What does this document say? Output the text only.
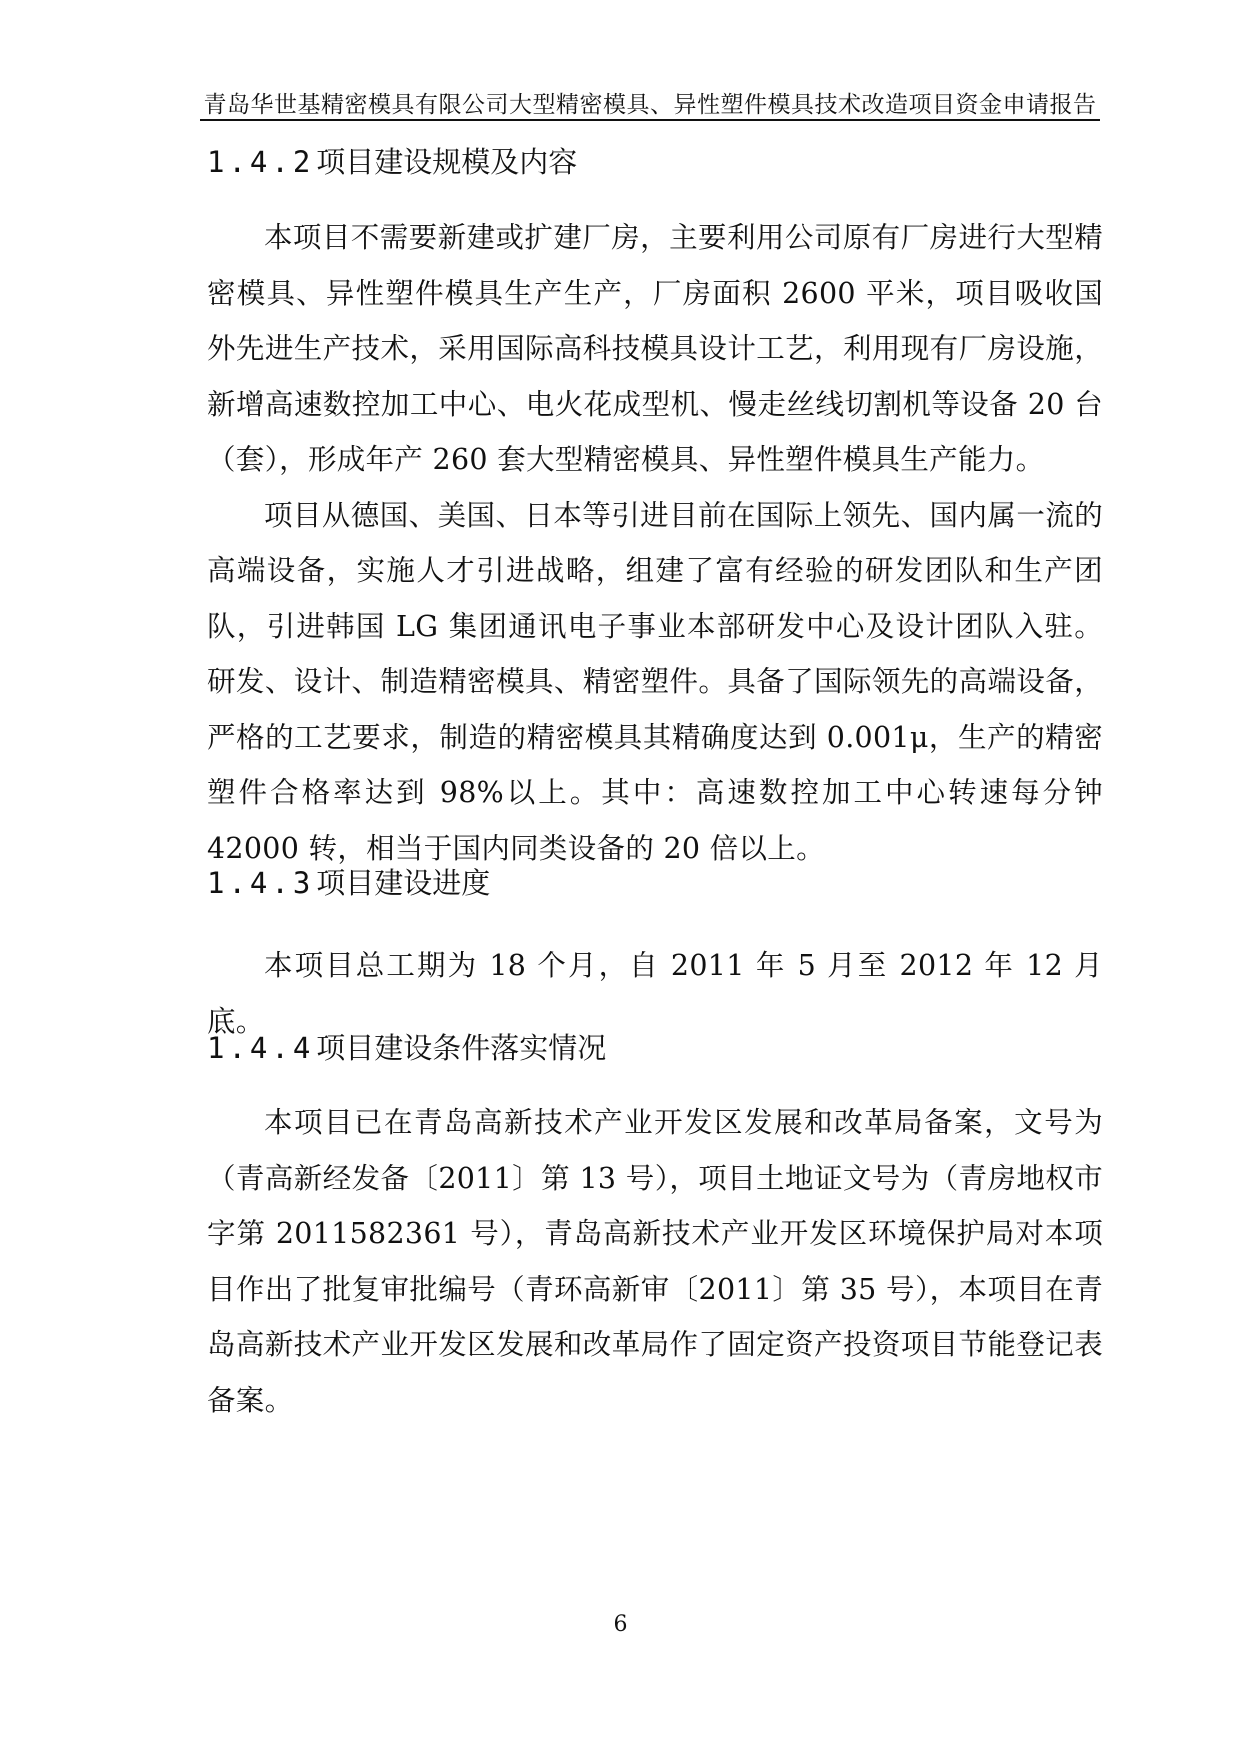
青岛华世基精密模具有限公司大型精密模具、异性塑件模具技术改造项目资金申请报告
1.4.2 项目建设规模及内容

本项目不需要新建或扩建厂房，主要利用公司原有厂房进行大型精密模具、异性塑件模具生产生产，厂房面积 2600 平米，项目吸收国外先进生产技术，采用国际高科技模具设计工艺，利用现有厂房设施，新增高速数控加工中心、电火花成型机、慢走丝线切割机等设备 20 台（套），形成年产 260 套大型精密模具、异性塑件模具生产能力。

项目从德国、美国、日本等引进目前在国际上领先、国内属一流的高端设备，实施人才引进战略，组建了富有经验的研发团队和生产团队，引进韩国 LG 集团通讯电子事业本部研发中心及设计团队入驻。研发、设计、制造精密模具、精密塑件。具备了国际领先的高端设备，严格的工艺要求，制造的精密模具其精确度达到 0.001μ，生产的精密塑件合格率达到 98%以上。其中：高速数控加工中心转速每分钟 42000 转，相当于国内同类设备的 20 倍以上。

1.4.3 项目建设进度

本项目总工期为 18 个月，自 2011 年 5 月至 2012 年 12 月底。

1.4.4 项目建设条件落实情况

本项目已在青岛高新技术产业开发区发展和改革局备案，文号为（青高新经发备〔2011〕第 13 号），项目土地证文号为（青房地权市字第 2011582361 号），青岛高新技术产业开发区环境保护局对本项目作出了批复审批编号（青环高新审〔2011〕第 35 号），本项目在青岛高新技术产业开发区发展和改革局作了固定资产投资项目节能登记表备案。

6
